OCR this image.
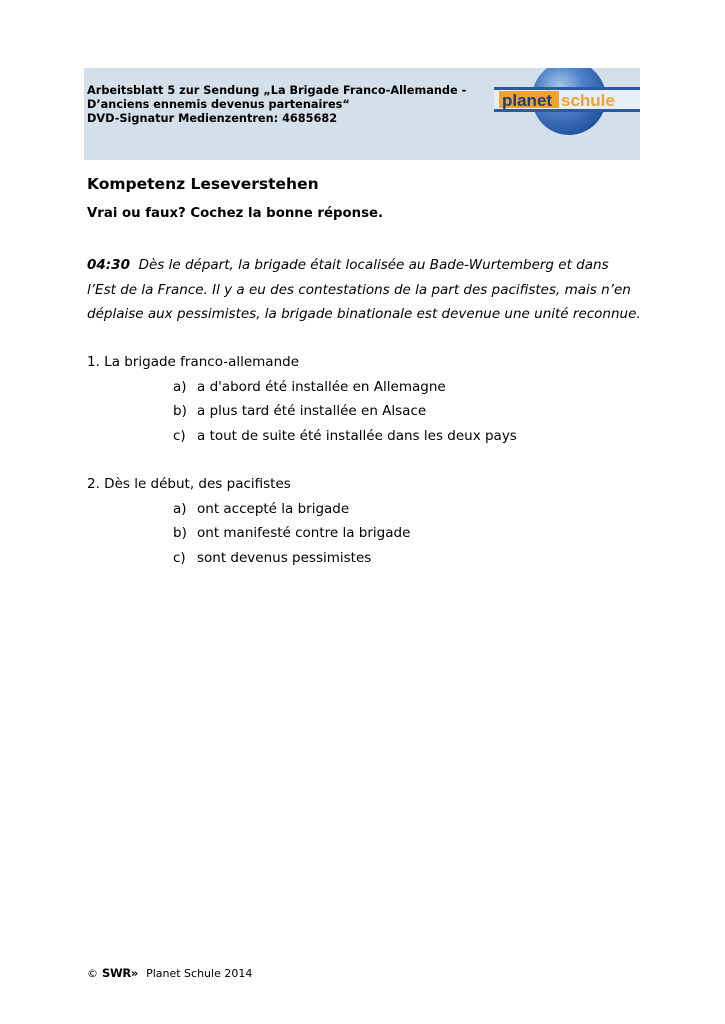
Arbeitsblatt 5 zur Sendung „La Brigade Franco-Allemande -
D’anciens ennemis devenus partenaires“
DVD-Signatur Medienzentren: 4685682
planet schule
Kompetenz Leseverstehen
Vrai ou faux? Cochez la bonne réponse.
04:30 Dès le départ, la brigade était localisée au Bade-Wurtemberg et dans
l’Est de la France. Il y a eu des contestations de la part des pacifistes, mais n’en
déplaise aux pessimistes, la brigade binationale est devenue une unité reconnue.
1. La brigade franco-allemande
a) a d'abord été installée en Allemagne
b) a plus tard été installée en Alsace
c) a tout de suite été installée dans les deux pays
2. Dès le début, des pacifistes
a) ont accepté la brigade
b) ont manifesté contre la brigade
c) sont devenus pessimistes
© SWR» Planet Schule 2014
